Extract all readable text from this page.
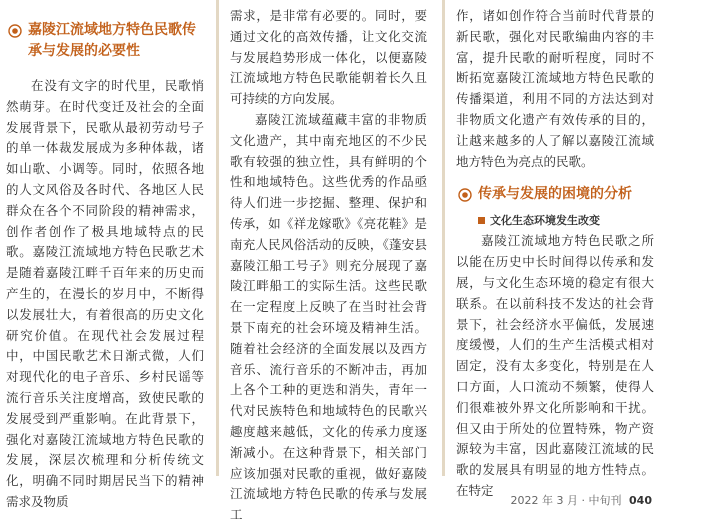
嘉陵江流域地方特色民歌传承与发展的必要性

在没有文字的时代里，民歌悄然萌芽。在时代变迁及社会的全面发展背景下，民歌从最初劳动号子的单一体裁发展成为多种体裁，诸如山歌、小调等。同时，依照各地的人文风俗及各时代、各地区人民群众在各个不同阶段的精神需求，创作者创作了极具地域特点的民歌。嘉陵江流域地方特色民歌艺术是随着嘉陵江畔千百年来的历史而产生的，在漫长的岁月中，不断得以发展壮大，有着很高的历史文化研究价值。在现代社会发展过程中，中国民歌艺术日渐式微，人们对现代化的电子音乐、乡村民谣等流行音乐关注度增高，致使民歌的发展受到严重影响。在此背景下，强化对嘉陵江流域地方特色民歌的发展，深层次梳理和分析传统文化，明确不同时期居民当下的精神需求及物质

需求，是非常有必要的。同时，要通过文化的高效传播，让文化交流与发展趋势形成一体化，以便嘉陵江流域地方特色民歌能朝着长久且可持续的方向发展。

嘉陵江流域蕴藏丰富的非物质文化遗产，其中南充地区的不少民歌有较强的独立性，具有鲜明的个性和地域特色。这些优秀的作品亟待人们进一步挖掘、整理、保护和传承，如《祥龙嫁歌》《亮花鞋》是南充人民风俗活动的反映，《蓬安县嘉陵江船工号子》则充分展现了嘉陵江畔船工的实际生活。这些民歌在一定程度上反映了在当时社会背景下南充的社会环境及精神生活。随着社会经济的全面发展以及西方音乐、流行音乐的不断冲击，再加上各个工种的更迭和消失，青年一代对民族特色和地域特色的民歌兴趣度越来越低，文化的传承力度逐渐减小。在这种背景下，相关部门应该加强对民歌的重视，做好嘉陵江流域地方特色民歌的传承与发展工

作，诸如创作符合当前时代背景的新民歌，强化对民歌编曲内容的丰富，提升民歌的耐听程度，同时不断拓宽嘉陵江流域地方特色民歌的传播渠道，利用不同的方法达到对非物质文化遗产有效传承的目的，让越来越多的人了解以嘉陵江流域地方特色为亮点的民歌。

传承与发展的困境的分析
文化生态环境发生改变

嘉陵江流域地方特色民歌之所以能在历史中长时间得以传承和发展，与文化生态环境的稳定有很大联系。在以前科技不发达的社会背景下，社会经济水平偏低，发展速度缓慢，人们的生产生活模式相对固定，没有太多变化，特别是在人口方面，人口流动不频繁，使得人们很难被外界文化所影响和干扰。但又由于所处的位置特殊，物产资源较为丰富，因此嘉陵江流域的民歌的发展具有明显的地方性特点。在特定

2022 年 3 月 · 中旬刊 040
